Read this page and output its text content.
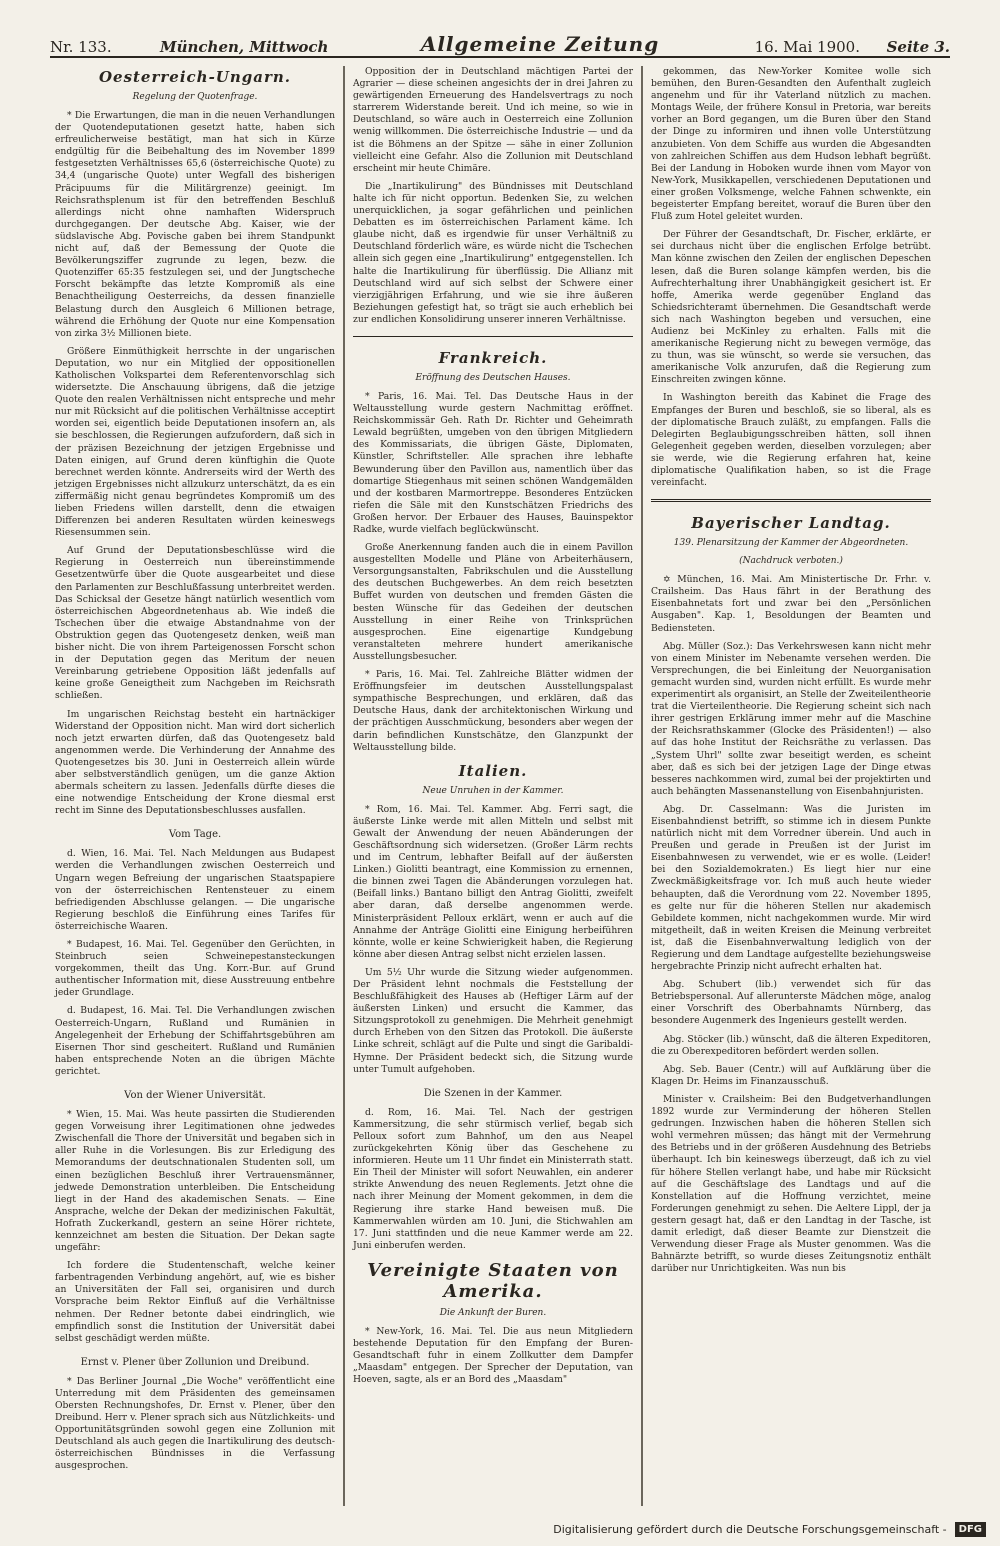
Nr. 133.	München, Mittwoch	Allgemeine Zeitung	16. Mai 1900.	Seite 3.
Oesterreich-Ungarn.
Regelung der Quotenfrage.

* Die Erwartungen, die man in die neuen Verhandlungen der Quotendeputationen gesetzt hatte, haben sich erfreulicherweise bestätigt, man hat sich in Kürze endgültig für die Beibehaltung des im November 1899 festgesetzten Verhältnisses 65,6 (österreichische Quote) zu 34,4 (ungarische Quote) unter Wegfall des bisherigen Präcipuums für die Militärgrenze) geeinigt. Im Reichsrathsplenum ist für den betreffenden Beschluß allerdings nicht ohne namhaften Widerspruch durchgegangen. Der deutsche Abg. Kaiser, wie der südslavische Abg. Povische gaben bei ihrem Standpunkt nicht auf, daß der Bemessung der Quote die Bevölkerungsziffer zugrunde zu legen, bezw. die Quotenziffer 65:35 festzulegen sei, und der Jungtschechе Forscht bekämpfte das letzte Kompromiß als eine Benachtheiligung Oesterreichs, da dessen finanzielle Belastung durch den Ausgleich 6 Millionen betrage, während die Erhöhung der Quote nur eine Kompensation von zirka 3½ Millionen biete.

Größere Einmüthigkeit herrschte in der ungarischen Deputation, wo nur ein Mitglied der oppositionellen Katholischen Volkspartei dem Referentenvorschlag sich widersetzte. Die Anschauung übrigens, daß die jetzige Quote den realen Verhältnissen nicht entspreche und mehr nur mit Rücksicht auf die politischen Verhältnisse acceptirt worden sei, eigentlich beide Deputationen insofern an, als sie beschlossen, die Regierungen aufzufordern, daß sich in der präzisen Bezeichnung der jetzigen Ergebnisse und Daten einigen, auf Grund deren künftighin die Quote berechnet werden könnte. Andrerseits wird der Werth des jetzigen Ergebnisses nicht allzukurz unterschätzt, da es ein ziffermäßig nicht genau begründetes Kompromiß um des lieben Friedens willen darstellt, denn die etwaigen Differenzen bei anderen Resultaten würden keineswegs Riesensummen sein.

Auf Grund der Deputationsbeschlüsse wird die Regierung in Oesterreich nun übereinstimmende Gesetzentwürfe über die Quote ausgearbeitet und diese den Parlamenten zur Beschlußfassung unterbreitet werden. Das Schicksal der Gesetze hängt natürlich wesentlich vom österreichischen Abgeordnetenhaus ab. Wie indeß die Tschechen über die etwaige Abstandnahme von der Obstruktion gegen das Quotengesetz denken, weiß man bisher nicht. Die von ihrem Parteigenossen Forscht schon in der Deputation gegen das Meritum der neuen Vereinbarung getriebene Opposition läßt jedenfalls auf keine große Geneigtheit zum Nachgeben im Reichsrath schließen.

Im ungarischen Reichstag besteht ein hartnäckiger Widerstand der Opposition nicht. Man wird dort sicherlich noch jetzt erwarten dürfen, daß das Quotengesetz bald angenommen werde. Die Verhinderung der Annahme des Quotengesetzes bis 30. Juni in Oesterreich allein würde aber selbstverständlich genügen, um die ganze Aktion abermals scheitern zu lassen. Jedenfalls dürfte dieses die eine notwendige Entscheidung der Krone diesmal erst recht im Sinne des Deputationsbeschlusses ausfallen.

Vom Tage.

d. Wien, 16. Mai. Tel. Nach Meldungen aus Budapest werden die Verhandlungen zwischen Oesterreich und Ungarn wegen Befreiung der ungarischen Staatspapiere von der österreichischen Rentensteuer zu einem befriedigenden Abschlusse gelangen. — Die ungarische Regierung beschloß die Einführung eines Tarifes für österreichische Waaren.

* Budapest, 16. Mai. Tel. Gegenüber den Gerüchten, in Steinbruch seien Schweinepestansteckungen vorgekommen, theilt das Ung. Korr.-Bur. auf Grund authentischer Information mit, diese Ausstreuung entbehre jeder Grundlage.

d. Budapest, 16. Mai. Tel. Die Verhandlungen zwischen Oesterreich-Ungarn, Rußland und Rumänien in Angelegenheit der Erhebung der Schiffahrtsgebühren am Eisernen Thor sind gescheitert. Rußland und Rumänien haben entsprechende Noten an die übrigen Mächte gerichtet.

Von der Wiener Universität.

* Wien, 15. Mai. Was heute passirten die Studierenden gegen Vorweisung ihrer Legitimationen ohne jedwedes Zwischenfall die Thore der Universität und begaben sich in aller Ruhe in die Vorlesungen. Bis zur Erledigung des Memorandums der deutschnationalen Studenten soll, um einen bezüglichen Beschluß ihrer Vertrauensmänner, jedwede Demonstration unterbleiben. Die Entscheidung liegt in der Hand des akademischen Senats. — Eine Ansprache, welche der Dekan der medizinischen Fakultät, Hofrath Zuckerkandl, gestern an seine Hörer richtete, kennzeichnet am besten die Situation. Der Dekan sagte ungefähr:

Ich fordere die Studentenschaft, welche keiner farbentragenden Verbindung angehört, auf, wie es bisher an Universitäten der Fall sei, organisiren und durch Vorsprache beim Rektor Einfluß auf die Verhältnisse nehmen. Der Redner betonte dabei eindringlich, wie empfindlich sonst die Institution der Universität dabei selbst geschädigt werden müßte.

Ernst v. Plener über Zollunion und Dreibund.

* Das Berliner Journal „Die Woche" veröffentlicht eine Unterredung mit dem Präsidenten des gemeinsamen Obersten Rechnungshofes, Dr. Ernst v. Plener, über den Dreibund. Herr v. Plener sprach sich aus Nützlichkeits- und Opportunitätsgründen sowohl gegen eine Zollunion mit Deutschland als auch gegen die Inartikulirung des deutsch-österreichischen Bündnisses in die Verfassung ausgesprochen.

Opposition der in Deutschland mächtigen Partei der Agrarier — diese scheinen angesichts der in drei Jahren zu gewärtigenden Erneuerung des Handelsvertrags zu noch starrerem Widerstande bereit. Und ich meine, so wie in Deutschland, so wäre auch in Oesterreich eine Zollunion wenig willkommen. Die österreichische Industrie — und da ist die Böhmens an der Spitze — sähe in einer Zollunion vielleicht eine Gefahr. Also die Zollunion mit Deutschland erscheint mir heute Chimäre.

Die „Inartikulirung" des Bündnisses mit Deutschland halte ich für nicht opportun. Bedenken Sie, zu welchen unerquicklichen, ja sogar gefährlichen und peinlichen Debatten es im österreichischen Parlament käme. Ich glaube nicht, daß es irgendwie für unser Verhältniß zu Deutschland förderlich wäre, es würde nicht die Tschechen allein sich gegen eine „Inartikulirung" entgegenstellen. Ich halte die Inartikulirung für überflüssig. Die Allianz mit Deutschland wird auf sich selbst der Schwere einer vierzigjährigen Erfahrung, und wie sie ihre äußeren Beziehungen gefestigt hat, so trägt sie auch erheblich bei zur endlichen Konsolidirung unserer inneren Verhältnisse.

Frankreich.
Eröffnung des Deutschen Hauses.

* Paris, 16. Mai. Tel. Das Deutsche Haus in der Weltausstellung wurde gestern Nachmittag eröffnet. Reichskommissär Geh. Rath Dr. Richter und Geheimrath Lewald begrüßten, umgeben von den übrigen Mitgliedern des Kommissariats, die übrigen Gäste, Diplomaten, Künstler, Schriftsteller. Alle sprachen ihre lebhafte Bewunderung über den Pavillon aus, namentlich über das domartige Stiegenhaus mit seinen schönen Wandgemälden und der kostbaren Marmortreppe. Besonderes Entzücken riefen die Säle mit den Kunstschätzen Friedrichs des Großen hervor. Der Erbauer des Hauses, Bauinspektor Radke, wurde vielfach beglückwünscht.

Große Anerkennung fanden auch die in einem Pavillon ausgestellten Modelle und Pläne von Arbeiterhäusern, Versorgungsanstalten, Fabrikschulen und die Ausstellung des deutschen Buchgewerbes. An dem reich besetzten Buffet wurden von deutschen und fremden Gästen die besten Wünsche für das Gedeihen der deutschen Ausstellung in einer Reihe von Trinksprüchen ausgesprochen. Eine eigenartige Kundgebung veranstalteten mehrere hundert amerikanische Ausstellungsbesucher.

* Paris, 16. Mai. Tel. Zahlreiche Blätter widmen der Eröffnungsfeier im deutschen Ausstellungspalast sympathische Besprechungen, und erklären, daß das Deutsche Haus, dank der architektonischen Wirkung und der prächtigen Ausschmückung, besonders aber wegen der darin befindlichen Kunstschätze, den Glanzpunkt der Weltausstellung bilde.

Italien.
Neue Unruhen in der Kammer.

* Rom, 16. Mai. Tel. Kammer. Abg. Ferri sagt, die äußerste Linke werde mit allen Mitteln und selbst mit Gewalt der Anwendung der neuen Abänderungen der Geschäftsordnung sich widersetzen. (Großer Lärm rechts und im Centrum, lebhafter Beifall auf der äußersten Linken.) Giolitti beantragt, eine Kommission zu ernennen, die binnen zwei Tagen die Abänderungen vorzulegen hat. (Beifall links.) Bantano billigt den Antrag Giolitti, zweifelt aber daran, daß derselbe angenommen werde. Ministerpräsident Pelloux erklärt, wenn er auch auf die Annahme der Anträge Giolitti eine Einigung herbeiführen könnte, wolle er keine Schwierigkeit haben, die Regierung könne aber diesen Antrag selbst nicht erzielen lassen.

Um 5½ Uhr wurde die Sitzung wieder aufgenommen. Der Präsident lehnt nochmals die Feststellung der Beschlußfähigkeit des Hauses ab (Heftiger Lärm auf der äußersten Linken) und ersucht die Kammer, das Sitzungsprotokoll zu genehmigen. Die Mehrheit genehmigt durch Erheben von den Sitzen das Protokoll. Die äußerste Linke schreit, schlägt auf die Pulte und singt die Garibaldi-Hymne. Der Präsident bedeckt sich, die Sitzung wurde unter Tumult aufgehoben.

Die Szenen in der Kammer.

d. Rom, 16. Mai. Tel. Nach der gestrigen Kammersitzung, die sehr stürmisch verlief, begab sich Pelloux sofort zum Bahnhof, um den aus Neapel zurückgekehrten König über das Geschehene zu informieren. Heute um 11 Uhr findet ein Ministerrath statt. Ein Theil der Minister will sofort Neuwahlen, ein anderer strikte Anwendung des neuen Reglements. Jetzt ohne die nach ihrer Meinung der Moment gekommen, in dem die Regierung ihre starke Hand beweisen muß. Die Kammerwahlen würden am 10. Juni, die Stichwahlen am 17. Juni stattfinden und die neue Kammer werde am 22. Juni einberufen werden.

Vereinigte Staaten von Amerika.
Die Ankunft der Buren.

* New-York, 16. Mai. Tel. Die aus neun Mitgliedern bestehende Deputation für den Empfang der Buren-Gesandtschaft fuhr in einem Zollkutter dem Dampfer „Maasdam" entgegen. Der Sprecher der Deputation, van Hoeven, sagte, als er an Bord des „Maasdam"

gekommen, das New-Yorker Komitee wolle sich bemühen, den Buren-Gesandten den Aufenthalt zugleich angenehm und für ihr Vaterland nützlich zu machen. Montags Weile, der frühere Konsul in Pretoria, war bereits vorher an Bord gegangen, um die Buren über den Stand der Dinge zu informiren und ihnen volle Unterstützung anzubieten. Von dem Schiffe aus wurden die Abgesandten von zahlreichen Schiffen aus dem Hudson lebhaft begrüßt. Bei der Landung in Hoboken wurde ihnen vom Mayor von New-York, Musikkapellen, verschiedenen Deputationen und einer großen Volksmenge, welche Fahnen schwenkte, ein begeisterter Empfang bereitet, worauf die Buren über den Fluß zum Hotel geleitet wurden.

Der Führer der Gesandtschaft, Dr. Fischer, erklärte, er sei durchaus nicht über die englischen Erfolge betrübt. Man könne zwischen den Zeilen der englischen Depeschen lesen, daß die Buren solange kämpfen werden, bis die Aufrechterhaltung ihrer Unabhängigkeit gesichert ist. Er hoffe, Amerika werde gegenüber England das Schiedsrichteramt übernehmen. Die Gesandtschaft werde sich nach Washington begeben und versuchen, eine Audienz bei McKinley zu erhalten. Falls mit die amerikanische Regierung nicht zu bewegen vermöge, das zu thun, was sie wünscht, so werde sie versuchen, das amerikanische Volk anzurufen, daß die Regierung zum Einschreiten zwingen könne.

In Washington bereith das Kabinet die Frage des Empfanges der Buren und beschloß, sie so liberal, als es der diplomatische Brauch zuläßt, zu empfangen. Falls die Delegirten Beglaubigungsschreiben hätten, soll ihnen Gelegenheit gegeben werden, dieselben vorzulegen; aber sie werde, wie die Regierung erfahren hat, keine diplomatische Qualifikation haben, so ist die Frage vereinfacht.

Bayerischer Landtag.
139. Plenarsitzung der Kammer der Abgeordneten.
(Nachdruck verboten.)

✡ München, 16. Mai. Am Ministertische Dr. Frhr. v. Crailsheim. Das Haus fährt in der Berathung des Eisenbahnetats fort und zwar bei den „Persönlichen Ausgaben". Kap. 1, Besoldungen der Beamten und Bediensteten.

Abg. Müller (Soz.): Das Verkehrswesen kann nicht mehr von einem Minister im Nebenamte versehen werden. Die Versprechungen, die bei Einleitung der Neuorganisation gemacht wurden sind, wurden nicht erfüllt. Es wurde mehr experimentirt als organisirt, an Stelle der Zweiteilentheorie trat die Vierteilentheorie. Die Regierung scheint sich nach ihrer gestrigen Erklärung immer mehr auf die Maschine der Reichsrathskammer (Glocke des Präsidenten!) — also auf das hohe Institut der Reichsräthe zu verlassen. Das „System Uhrl" sollte zwar beseitigt werden, es scheint aber, daß es sich bei der jetzigen Lage der Dinge etwas besseres nachkommen wird, zumal bei der projektirten und auch behängten Massenanstellung von Eisenbahnjuristen.

Abg. Dr. Casselmann: Was die Juristen im Eisenbahndienst betrifft, so stimme ich in diesem Punkte natürlich nicht mit dem Vorredner überein. Und auch in Preußen und gerade in Preußen ist der Jurist im Eisenbahnwesen zu verwendet, wie er es wolle. (Leider! bei den Sozialdemokraten.) Es liegt hier nur eine Zweckmäßigkeitsfrage vor. Ich muß auch heute wieder behaupten, daß die Verordnung vom 22. November 1895, es gelte nur für die höheren Stellen nur akademisch Gebildete kommen, nicht nachgekommen wurde. Mir wird mitgetheilt, daß in weiten Kreisen die Meinung verbreitet ist, daß die Eisenbahnverwaltung lediglich von der Regierung und dem Landtage aufgestellte beziehungsweise hergebrachte Prinzip nicht aufrecht erhalten hat.

Abg. Schubert (lib.) verwendet sich für das Betriebspersonal. Auf allerunterste Mädchen möge, analog einer Vorschrift des Oberbahnamts Nürnberg, das besondere Augenmerk des Ingenieurs gestellt werden.

Abg. Stöcker (lib.) wünscht, daß die älteren Expeditoren, die zu Oberexpeditoren befördert werden sollen.

Abg. Seb. Bauer (Centr.) will auf Aufklärung über die Klagen Dr. Heims im Finanzausschuß.

Minister v. Crailsheim: Bei den Budgetverhandlungen 1892 wurde zur Verminderung der höheren Stellen gedrungen. Inzwischen haben die höheren Stellen sich wohl vermehren müssen; das hängt mit der Vermehrung des Betriebs und in der größeren Ausdehnung des Betriebs überhaupt. Ich bin keineswegs überzeugt, daß ich zu viel für höhere Stellen verlangt habe, und habe mir Rücksicht auf die Geschäftslage des Landtags und auf die Konstellation auf die Hoffnung verzichtet, meine Forderungen genehmigt zu sehen. Die Aeltere Lippl, der ja gestern gesagt hat, daß er den Landtag in der Tasche, ist damit erledigt, daß dieser Beamte zur Dienstzeit die Verwendung dieser Frage als Muster genommen. Was die Bahnärzte betrifft, so wurde dieses Zeitungsnotiz enthält darüber nur Unrichtigkeiten. Was nun bis

Digitalisierung gefördert durch die Deutsche Forschungsgemeinschaft -	DFG
